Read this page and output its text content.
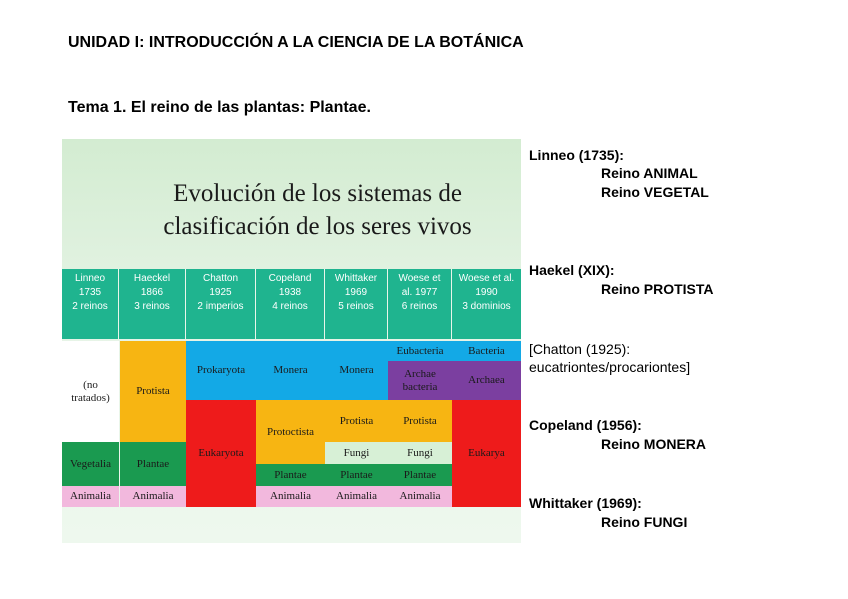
UNIDAD I: INTRODUCCIÓN A LA CIENCIA DE LA BOTÁNICA
Tema 1. El reino de las plantas: Plantae.
Evolución de los sistemas de
clasificación de los seres vivos
Linneo
1735
2 reinos
Haeckel
1866
3 reinos
Chatton
1925
2 imperios
Copeland
1938
4 reinos
Whittaker
1969
5 reinos
Woese et
al. 1977
6 reinos
Woese et al.
1990
3 dominios
(no
tratados)
Vegetalia
Animalia
Protista
Plantae
Animalia
Prokaryota
Eukaryota
Monera
Protoctista
Plantae
Animalia
Monera
Protista
Fungi
Plantae
Animalia
Eubacteria
Archae
bacteria
Protista
Fungi
Plantae
Animalia
Bacteria
Archaea
Eukarya
Linneo (1735):
Reino ANIMAL
Reino VEGETAL
Haekel (XIX):
Reino PROTISTA
[Chatton (1925):
eucatriontes/procariontes]
Copeland (1956):
Reino MONERA
Whittaker (1969):
Reino FUNGI
